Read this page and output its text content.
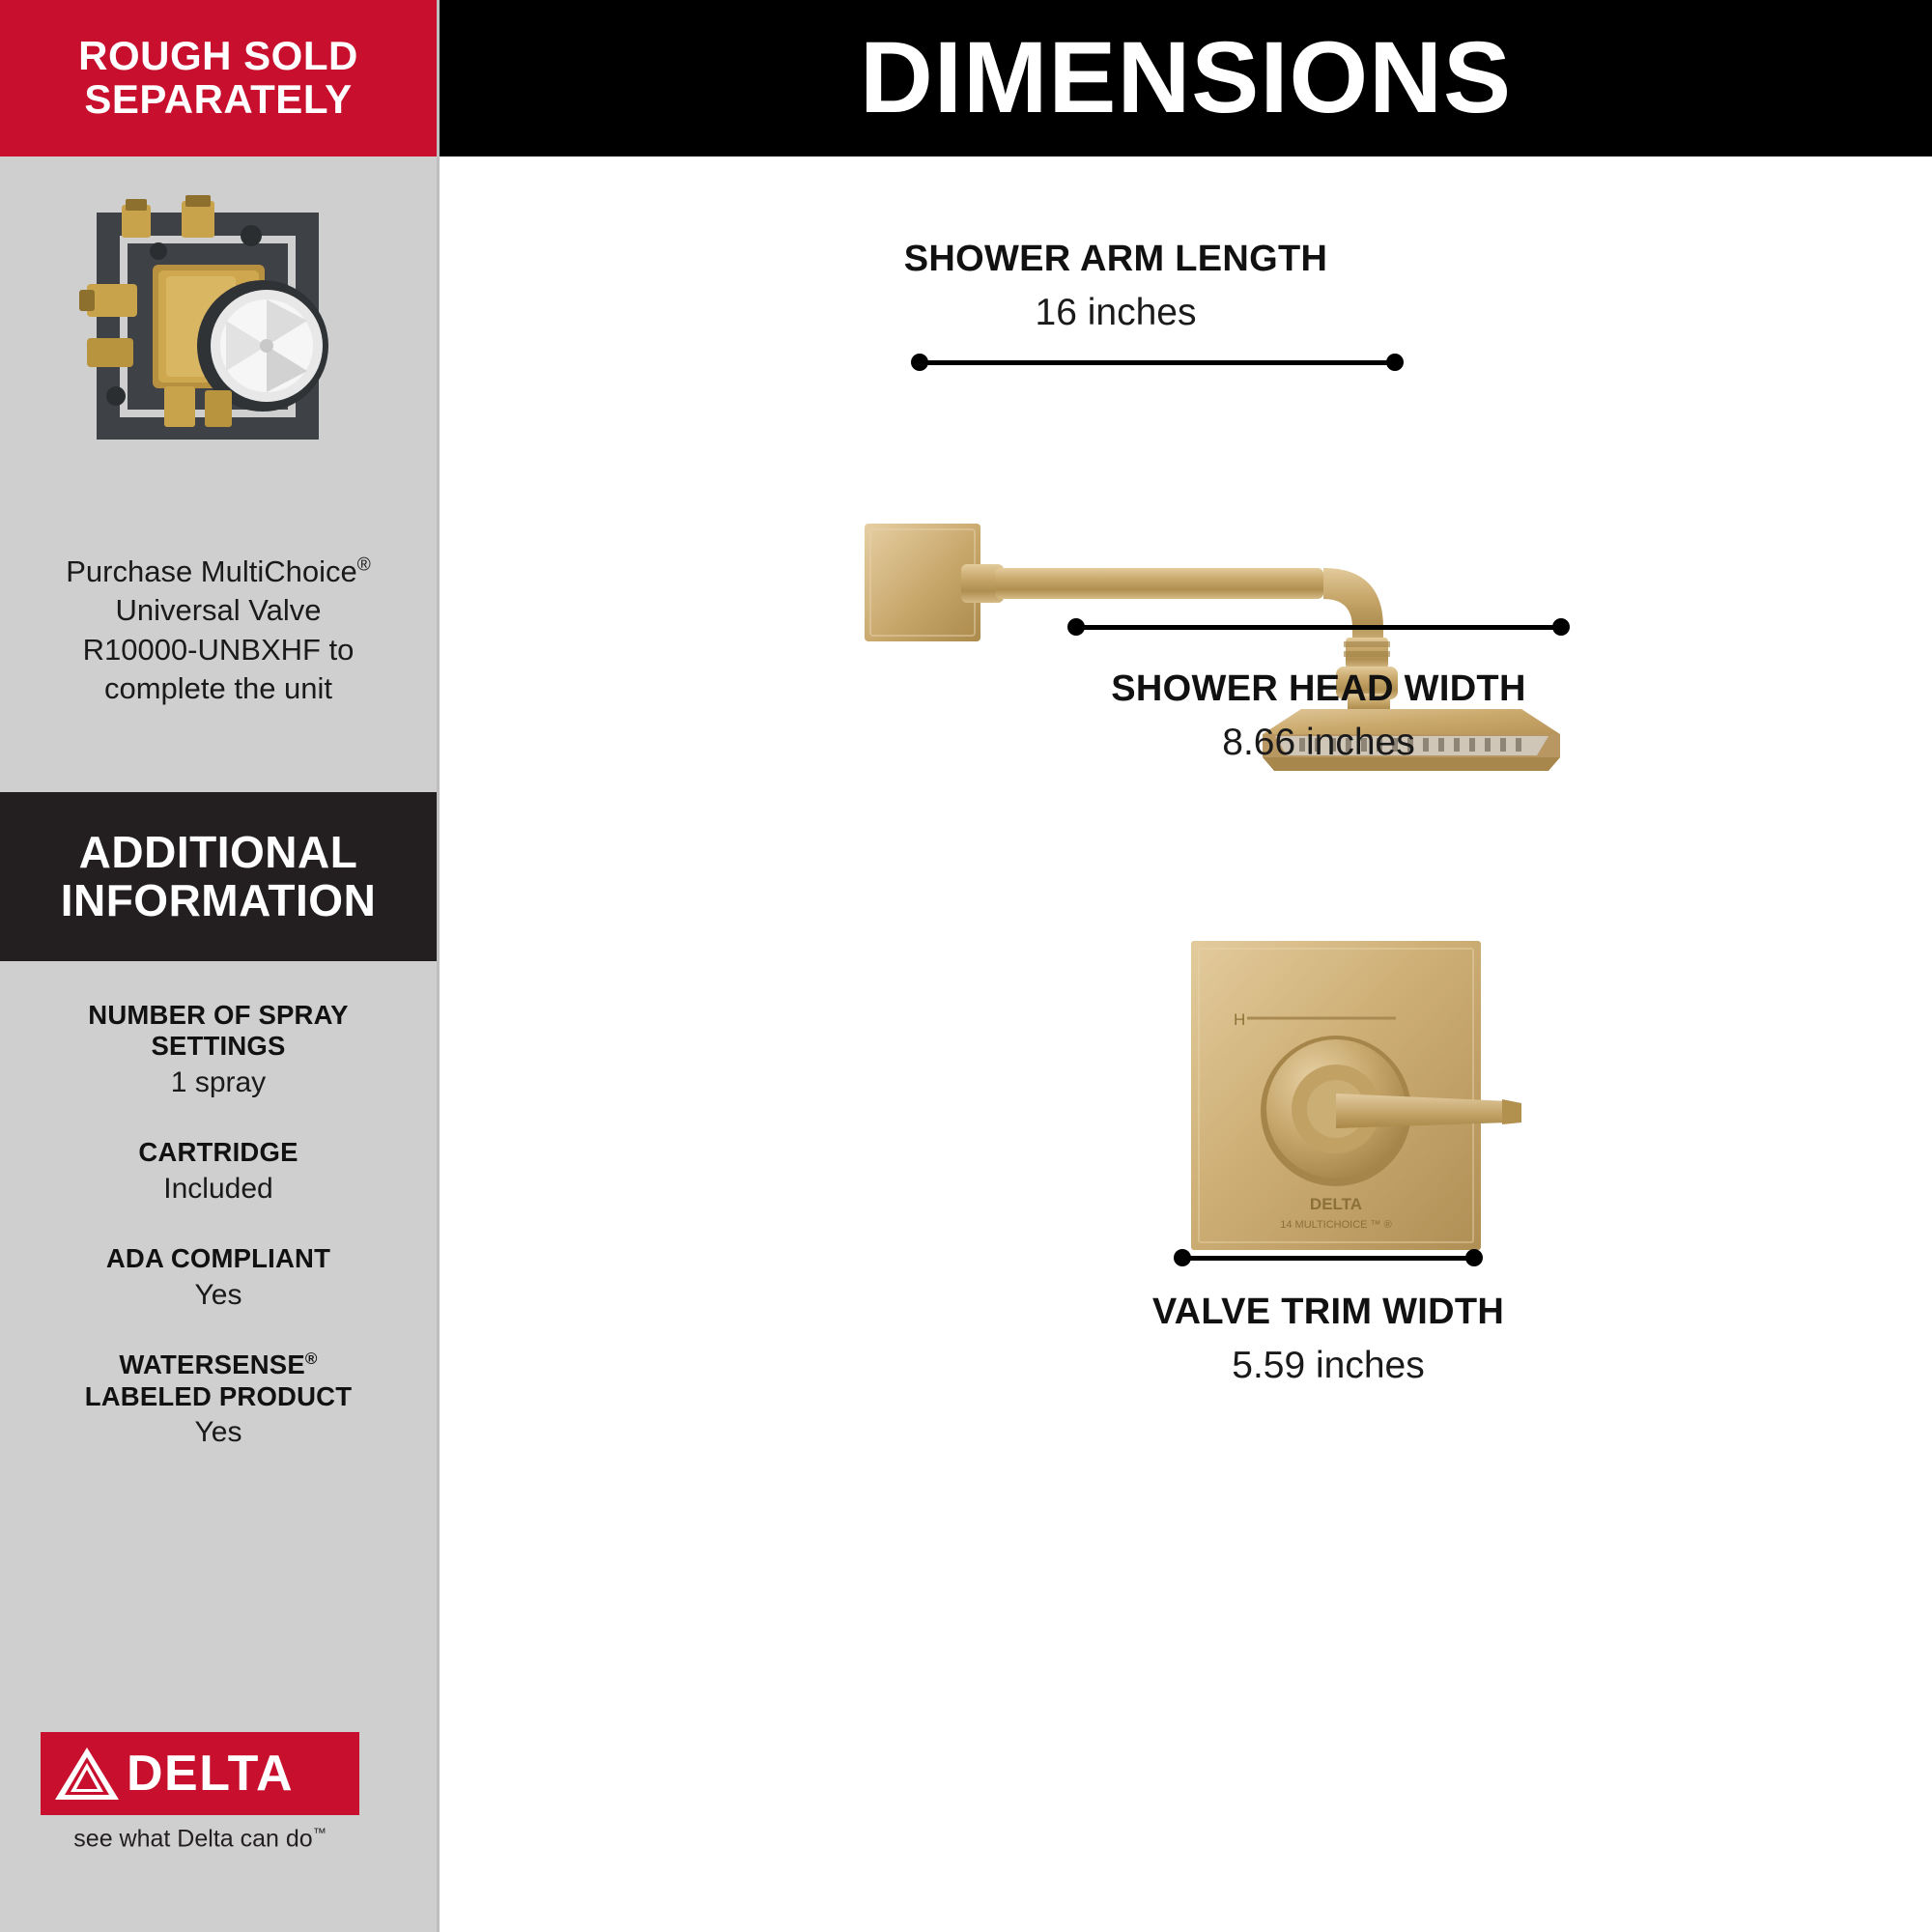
ROUGH SOLD
SEPARATELY
Purchase MultiChoice®
Universal Valve
R10000-UNBXHF to
complete the unit
ADDITIONAL
INFORMATION
NUMBER OF SPRAY
SETTINGS
1 spray
CARTRIDGE
Included
ADA COMPLIANT
Yes
WATERSENSE®
LABELED PRODUCT
Yes
DELTA
see what Delta can do™
DIMENSIONS
SHOWER ARM LENGTH
16 inches
SHOWER HEAD WIDTH
8.66 inches
H
DELTA
14 MULTICHOICE ™ ®
VALVE TRIM WIDTH
5.59 inches
